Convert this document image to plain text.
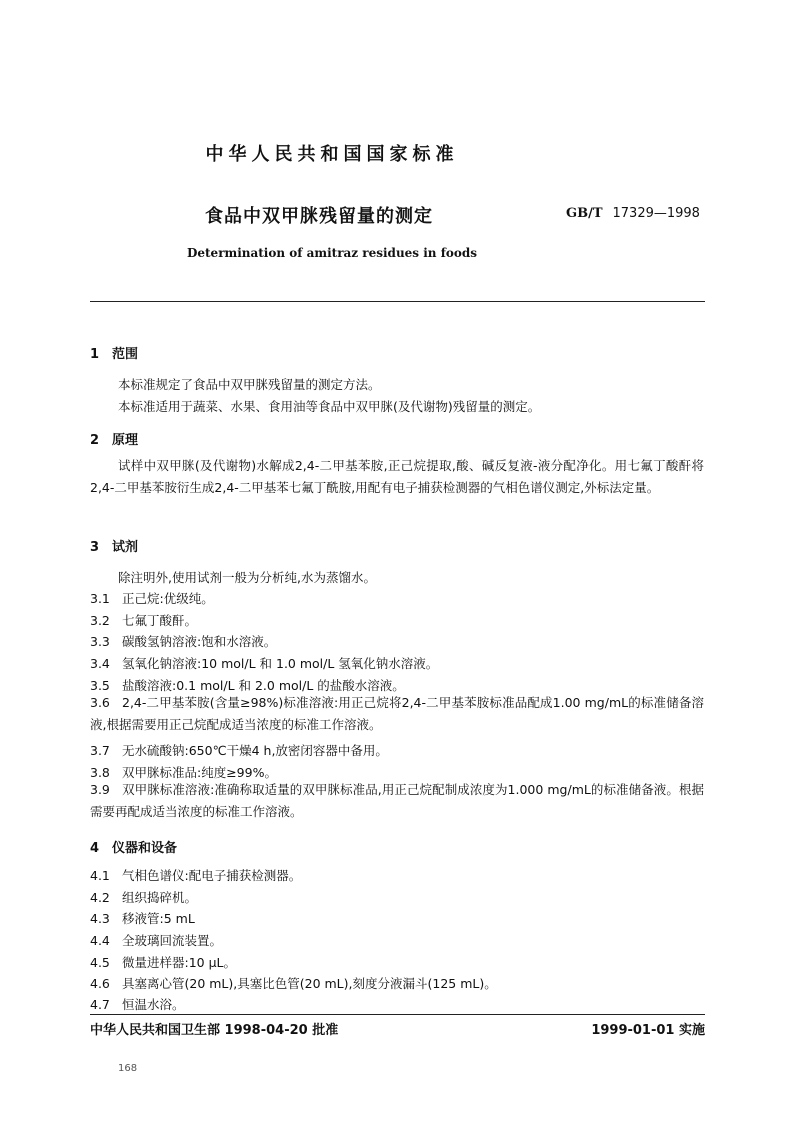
中华人民共和国国家标准
食品中双甲脒残留量的测定	GB/T 17329—1998
Determination of amitraz residues in foods
1 范围
本标准规定了食品中双甲脒残留量的测定方法。
本标准适用于蔬菜、水果、食用油等食品中双甲脒(及代谢物)残留量的测定。
2 原理
试样中双甲脒(及代谢物)水解成2,4-二甲基苯胺,正己烷提取,酸、碱反复液-液分配净化。用七氟丁酸酐将2,4-二甲基苯胺衍生成2,4-二甲基苯七氟丁酰胺,用配有电子捕获检测器的气相色谱仪测定,外标法定量。
3 试剂
除注明外,使用试剂一般为分析纯,水为蒸馏水。
3.1 正己烷:优级纯。
3.2 七氟丁酸酐。
3.3 碳酸氢钠溶液:饱和水溶液。
3.4 氢氧化钠溶液:10 mol/L 和 1.0 mol/L 氢氧化钠水溶液。
3.5 盐酸溶液:0.1 mol/L 和 2.0 mol/L 的盐酸水溶液。
3.6 2,4-二甲基苯胺(含量≥98%)标准溶液:用正己烷将2,4-二甲基苯胺标准品配成1.00 mg/mL的标准储备溶液,根据需要用正己烷配成适当浓度的标准工作溶液。
3.7 无水硫酸钠:650℃干燥4 h,放密闭容器中备用。
3.8 双甲脒标准品:纯度≥99%。
3.9 双甲脒标准溶液:准确称取适量的双甲脒标准品,用正己烷配制成浓度为1.000 mg/mL的标准储备液。根据需要再配成适当浓度的标准工作溶液。
4 仪器和设备
4.1 气相色谱仪:配电子捕获检测器。
4.2 组织捣碎机。
4.3 移液管:5 mL
4.4 全玻璃回流装置。
4.5 微量进样器:10 μL。
4.6 具塞离心管(20 mL),具塞比色管(20 mL),刻度分液漏斗(125 mL)。
4.7 恒温水浴。
中华人民共和国卫生部 1998-04-20 批准	1999-01-01 实施
168
